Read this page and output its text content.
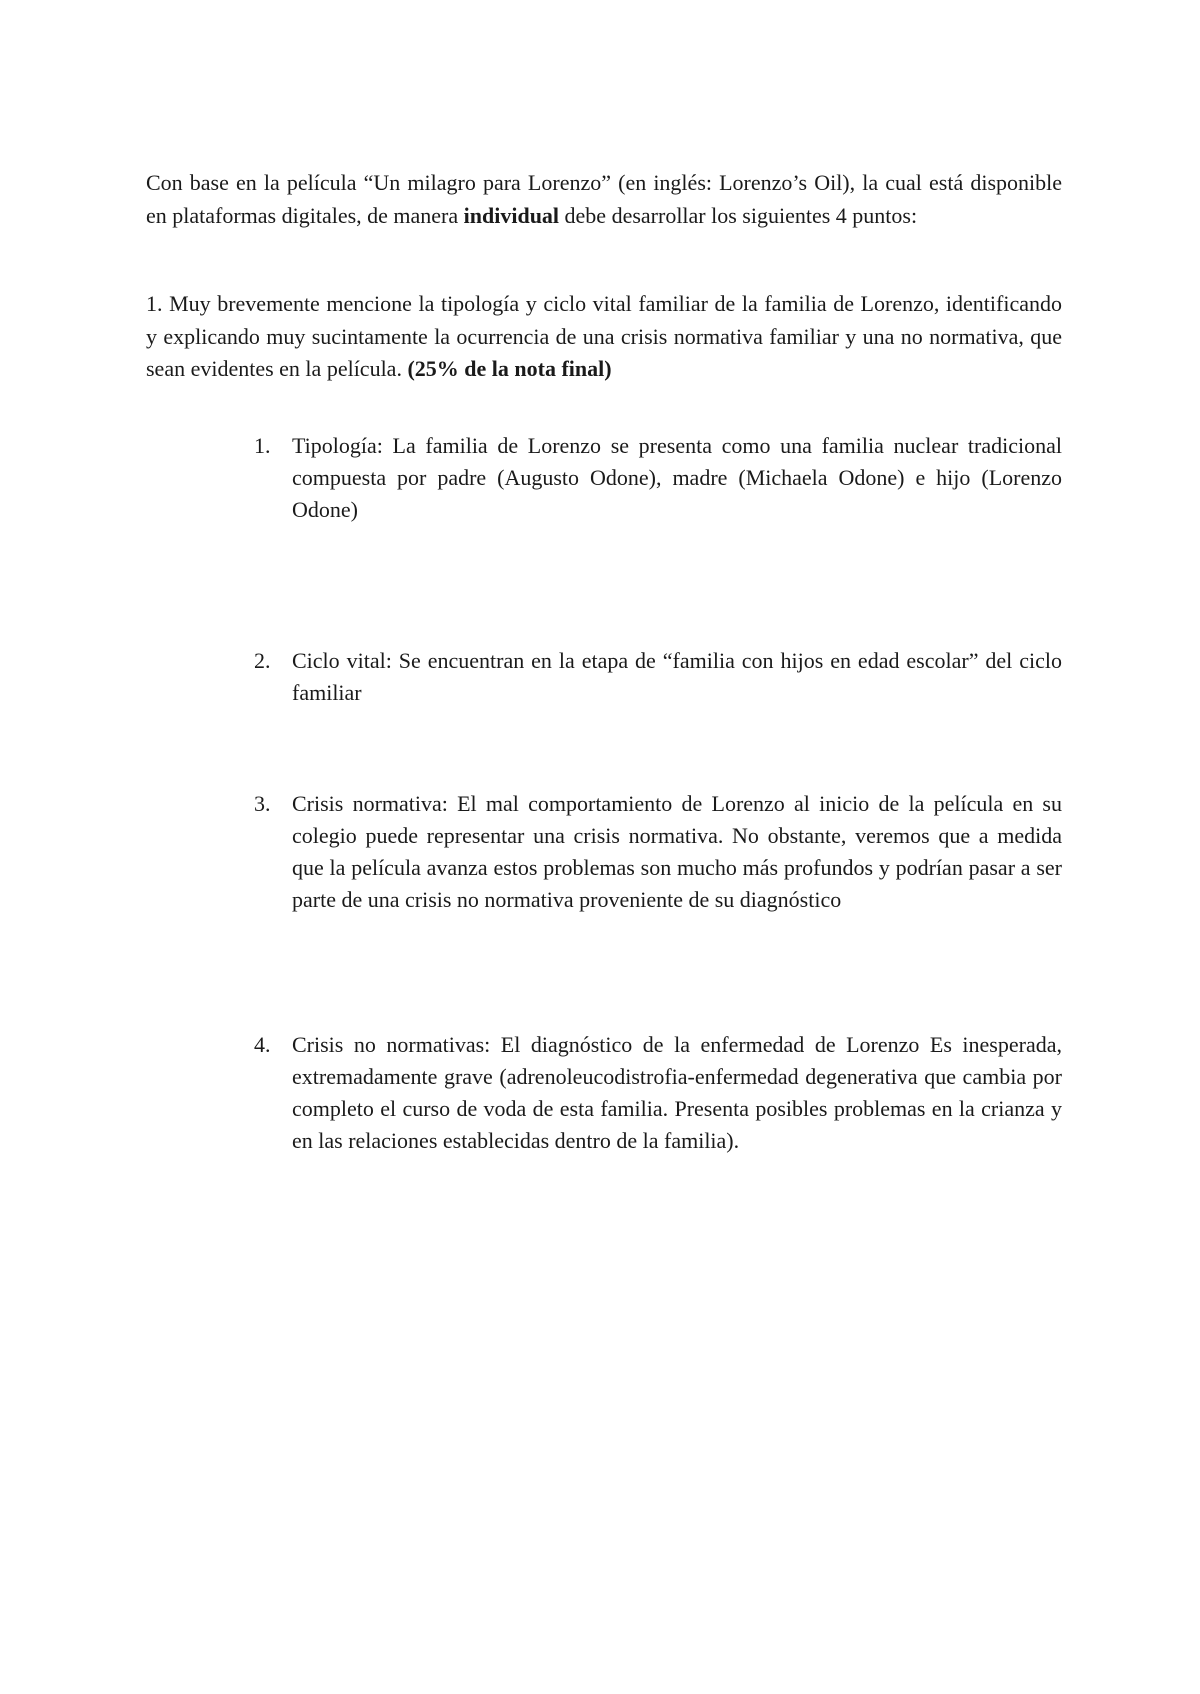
Con base en la película “Un milagro para Lorenzo” (en inglés: Lorenzo’s Oil), la cual está disponible en plataformas digitales, de manera individual debe desarrollar los siguientes 4 puntos:

1. Muy brevemente mencione la tipología y ciclo vital familiar de la familia de Lorenzo, identificando y explicando muy sucintamente la ocurrencia de una crisis normativa familiar y una no normativa, que sean evidentes en la película. (25% de la nota final)

1. Tipología: La familia de Lorenzo se presenta como una familia nuclear tradicional compuesta por padre (Augusto Odone), madre (Michaela Odone) e hijo (Lorenzo Odone)

2. Ciclo vital: Se encuentran en la etapa de “familia con hijos en edad escolar” del ciclo familiar

3. Crisis normativa: El mal comportamiento de Lorenzo al inicio de la película en su colegio puede representar una crisis normativa. No obstante, veremos que a medida que la película avanza estos problemas son mucho más profundos y podrían pasar a ser parte de una crisis no normativa proveniente de su diagnóstico

4. Crisis no normativas: El diagnóstico de la enfermedad de Lorenzo Es inesperada, extremadamente grave (adrenoleucodistrofia-enfermedad degenerativa que cambia por completo el curso de voda de esta familia. Presenta posibles problemas en la crianza y en las relaciones establecidas dentro de la familia).
